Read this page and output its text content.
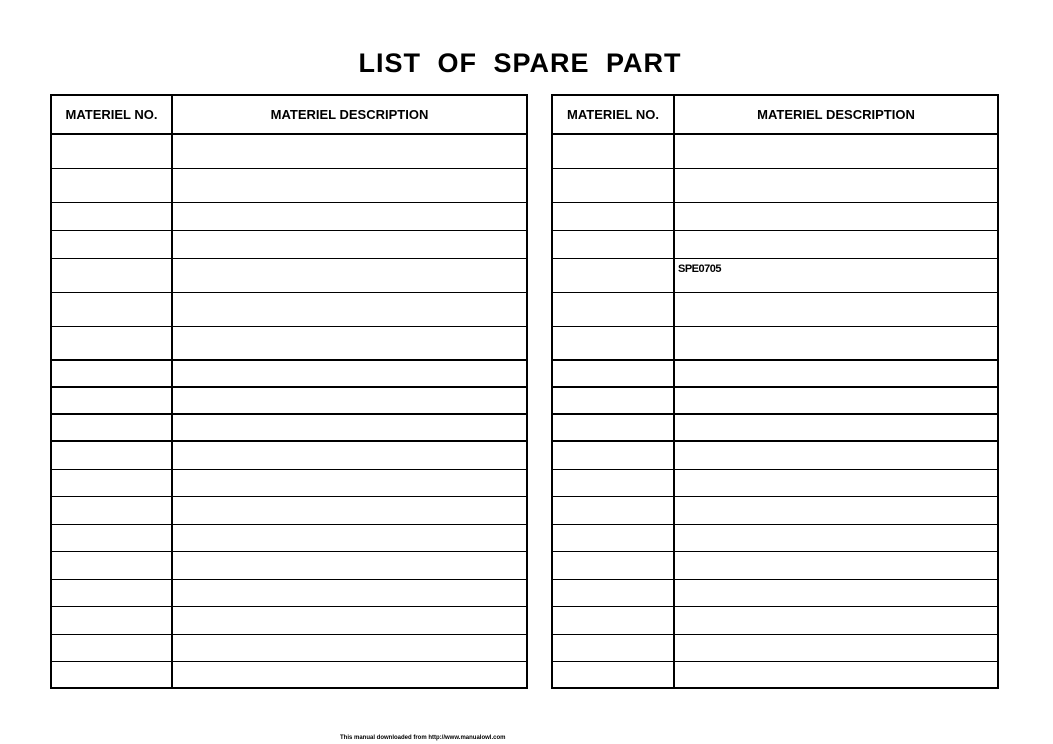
LIST OF SPARE PART
MATERIEL NO.	MATERIEL DESCRIPTION

		MATERIEL NO.	MATERIEL DESCRIPTION

	SPE0705

This manual downloaded from http://www.manualowl.com
